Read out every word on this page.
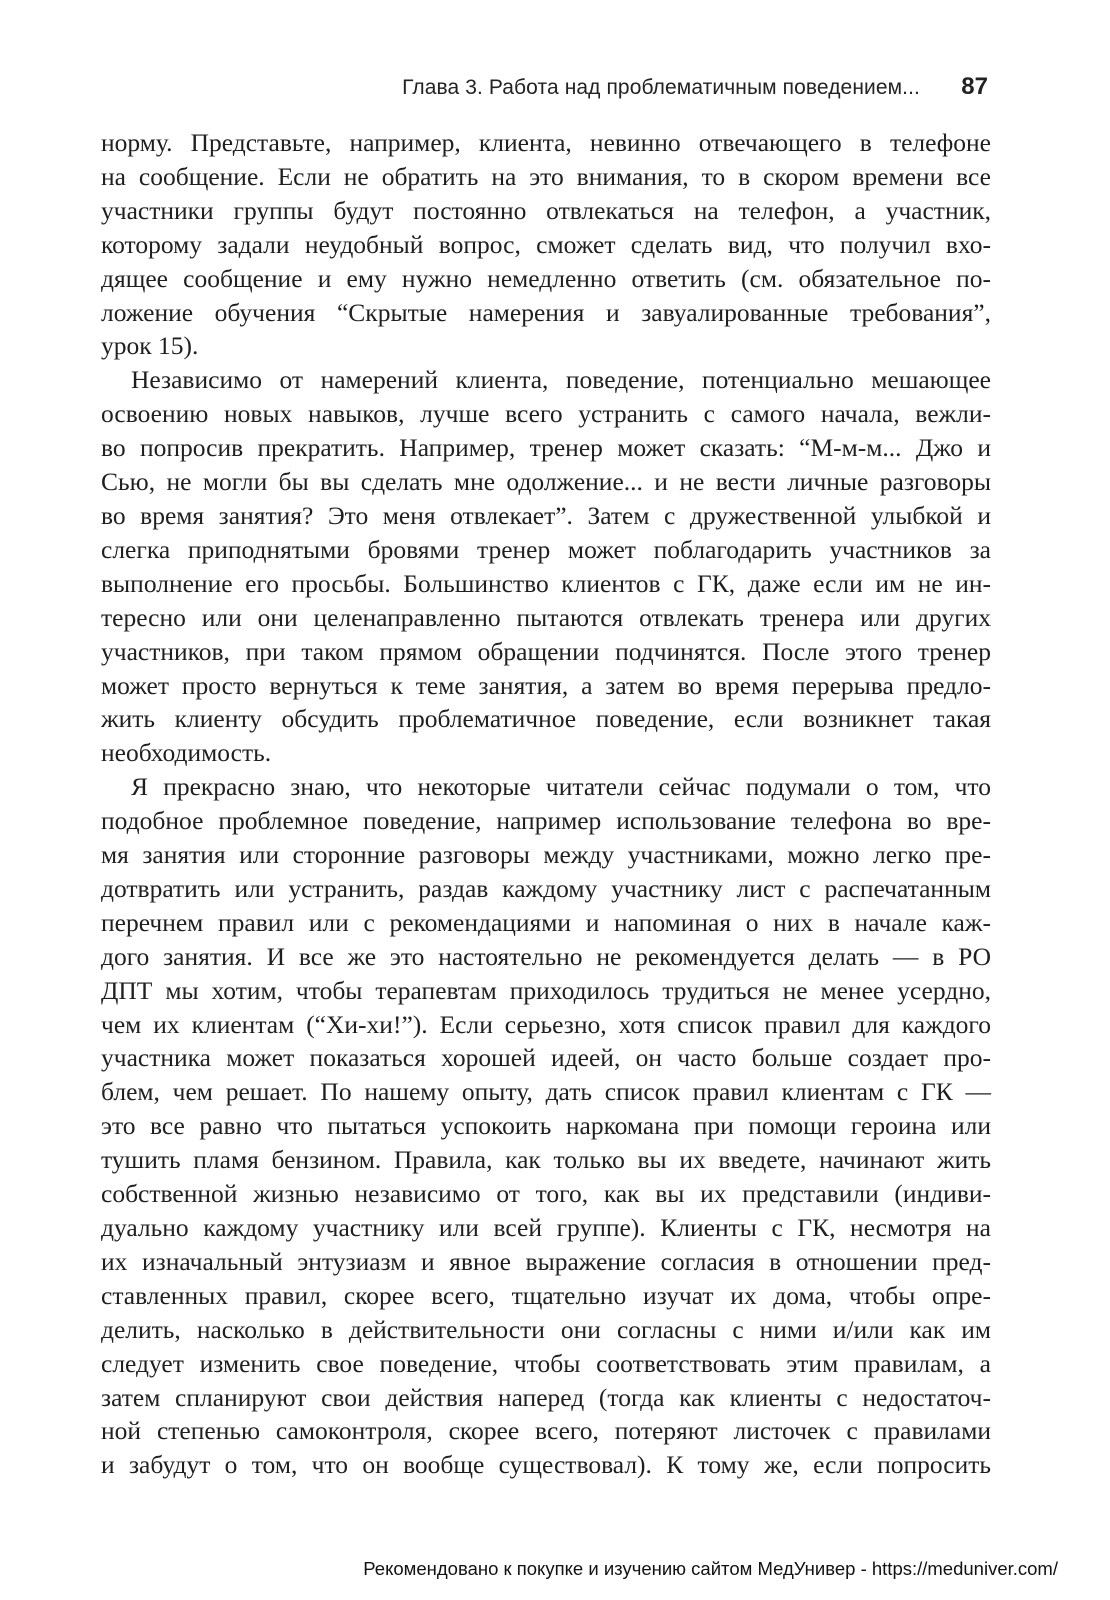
Глава 3. Работа над проблематичным поведением... 87

норму. Представьте, например, клиента, невинно отвечающего в телефоне
на сообщение. Если не обратить на это внимания, то в скором времени все
участники группы будут постоянно отвлекаться на телефон, а участник,
которому задали неудобный вопрос, сможет сделать вид, что получил вхо-
дящее сообщение и ему нужно немедленно ответить (см. обязательное по-
ложение обучения “Скрытые намерения и завуалированные требования”,
урок 15).

Независимо от намерений клиента, поведение, потенциально мешающее
освоению новых навыков, лучше всего устранить с самого начала, вежли-
во попросив прекратить. Например, тренер может сказать: “М-м-м... Джо и
Сью, не могли бы вы сделать мне одолжение... и не вести личные разговоры
во время занятия? Это меня отвлекает”. Затем с дружественной улыбкой и
слегка приподнятыми бровями тренер может поблагодарить участников за
выполнение его просьбы. Большинство клиентов с ГК, даже если им не ин-
тересно или они целенаправленно пытаются отвлекать тренера или других
участников, при таком прямом обращении подчинятся. После этого тренер
может просто вернуться к теме занятия, а затем во время перерыва предло-
жить клиенту обсудить проблематичное поведение, если возникнет такая
необходимость.

Я прекрасно знаю, что некоторые читатели сейчас подумали о том, что
подобное проблемное поведение, например использование телефона во вре-
мя занятия или сторонние разговоры между участниками, можно легко пре-
дотвратить или устранить, раздав каждому участнику лист с распечатанным
перечнем правил или с рекомендациями и напоминая о них в начале каж-
дого занятия. И все же это настоятельно не рекомендуется делать — в РО
ДПТ мы хотим, чтобы терапевтам приходилось трудиться не менее усердно,
чем их клиентам (“Хи-хи!”). Если серьезно, хотя список правил для каждого
участника может показаться хорошей идеей, он часто больше создает про-
блем, чем решает. По нашему опыту, дать список правил клиентам с ГК —
это все равно что пытаться успокоить наркомана при помощи героина или
тушить пламя бензином. Правила, как только вы их введете, начинают жить
собственной жизнью независимо от того, как вы их представили (индиви-
дуально каждому участнику или всей группе). Клиенты с ГК, несмотря на
их изначальный энтузиазм и явное выражение согласия в отношении пред-
ставленных правил, скорее всего, тщательно изучат их дома, чтобы опре-
делить, насколько в действительности они согласны с ними и/или как им
следует изменить свое поведение, чтобы соответствовать этим правилам, а
затем спланируют свои действия наперед (тогда как клиенты с недостаточ-
ной степенью самоконтроля, скорее всего, потеряют листочек с правилами
и забудут о том, что он вообще существовал). К тому же, если попросить

Рекомендовано к покупке и изучению сайтом МедУнивер - https://meduniver.com/
